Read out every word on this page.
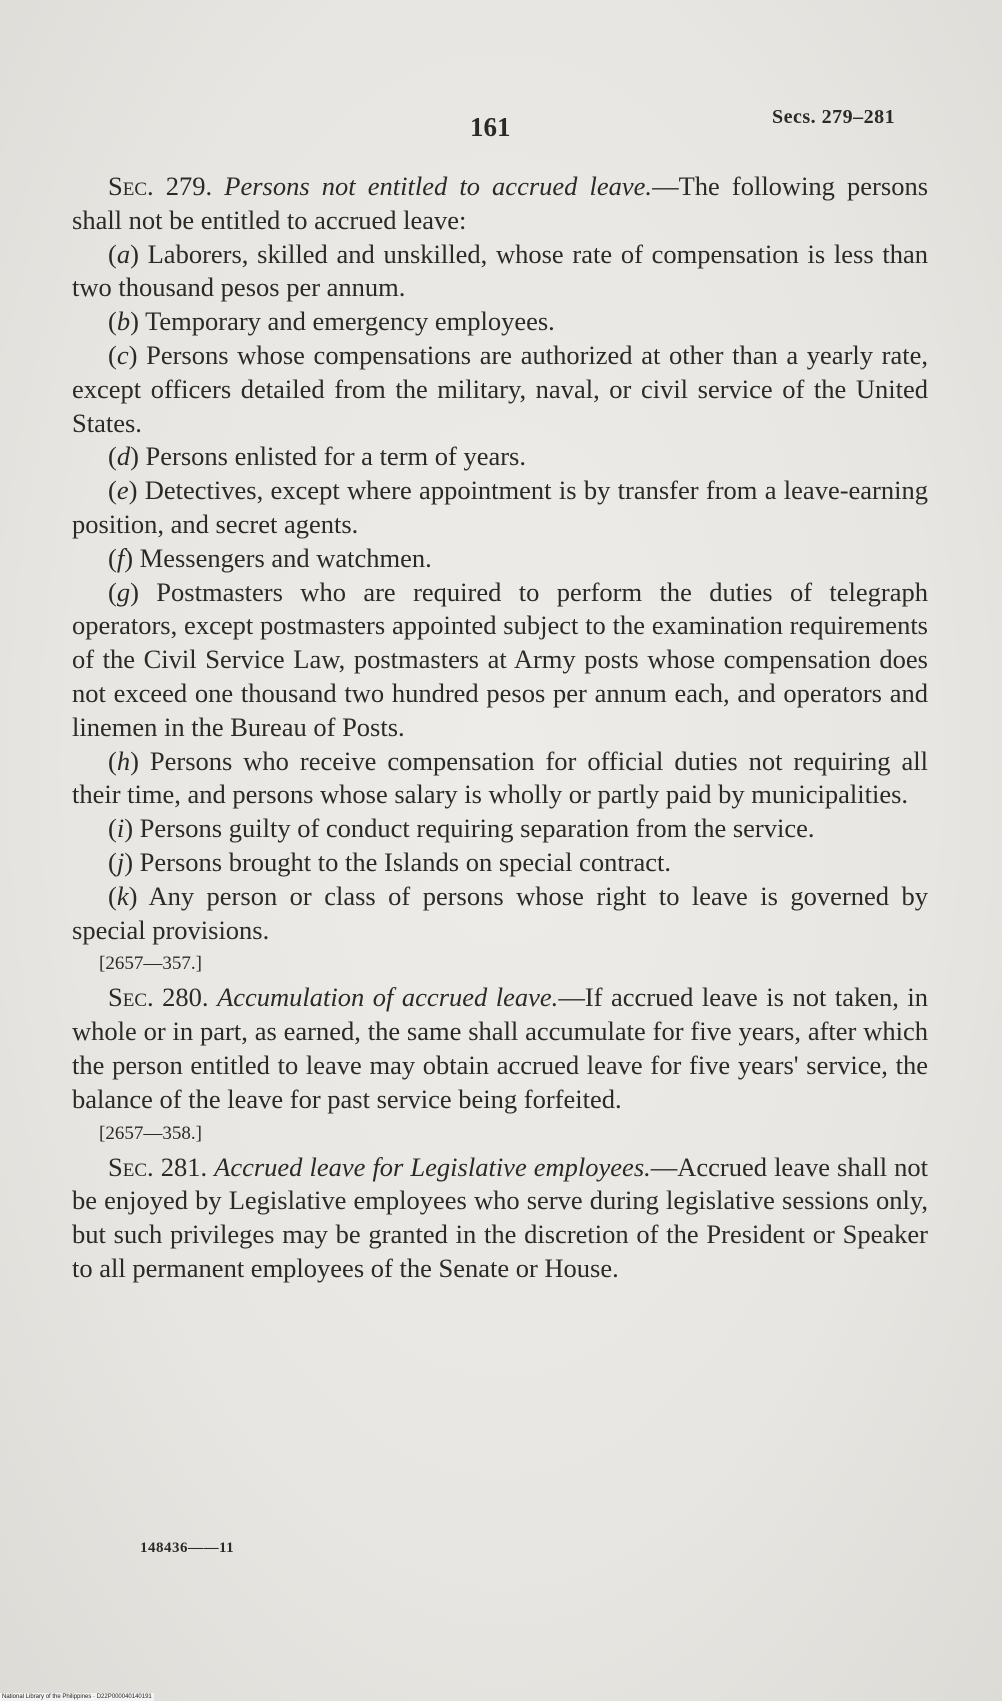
161	Secs. 279–281

Sec. 279. Persons not entitled to accrued leave.—The following persons shall not be entitled to accrued leave:

(a) Laborers, skilled and unskilled, whose rate of compensation is less than two thousand pesos per annum.

(b) Temporary and emergency employees.

(c) Persons whose compensations are authorized at other than a yearly rate, except officers detailed from the military, naval, or civil service of the United States.

(d) Persons enlisted for a term of years.

(e) Detectives, except where appointment is by transfer from a leave-earning position, and secret agents.

(f) Messengers and watchmen.

(g) Postmasters who are required to perform the duties of telegraph operators, except postmasters appointed subject to the examination requirements of the Civil Service Law, postmasters at Army posts whose compensation does not exceed one thousand two hundred pesos per annum each, and operators and linemen in the Bureau of Posts.

(h) Persons who receive compensation for official duties not requiring all their time, and persons whose salary is wholly or partly paid by municipalities.

(i) Persons guilty of conduct requiring separation from the service.

(j) Persons brought to the Islands on special contract.

(k) Any person or class of persons whose right to leave is governed by special provisions.

[2657—357.]

Sec. 280. Accumulation of accrued leave.—If accrued leave is not taken, in whole or in part, as earned, the same shall accumulate for five years, after which the person entitled to leave may obtain accrued leave for five years' service, the balance of the leave for past service being forfeited.

[2657—358.]

Sec. 281. Accrued leave for Legislative employees.—Accrued leave shall not be enjoyed by Legislative employees who serve during legislative sessions only, but such privileges may be granted in the discretion of the President or Speaker to all permanent employees of the Senate or House.

148436——11
National Library of the Philippines · D22P000040140191
